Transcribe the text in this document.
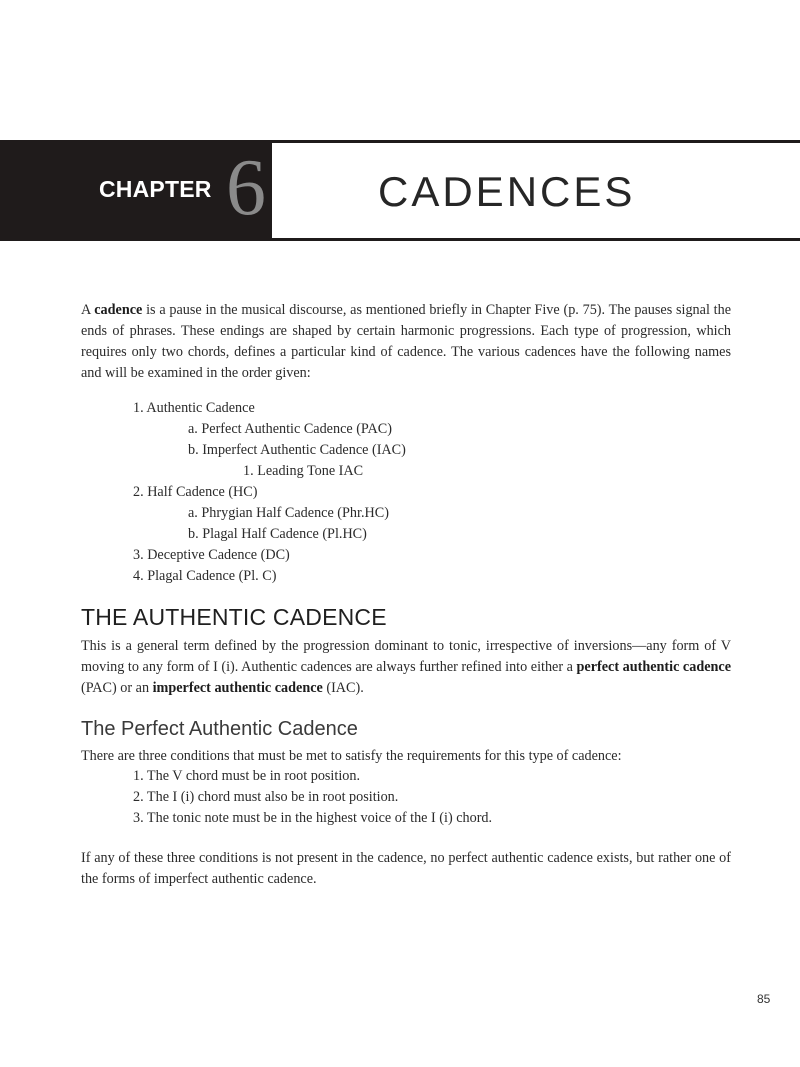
CHAPTER 6	CADENCES

A cadence is a pause in the musical discourse, as mentioned briefly in Chapter Five (p. 75). The pauses signal the ends of phrases. These endings are shaped by certain harmonic progressions. Each type of progression, which requires only two chords, defines a particular kind of cadence. The various cadences have the following names and will be examined in the order given:

1. Authentic Cadence
a. Perfect Authentic Cadence (PAC)
b. Imperfect Authentic Cadence (IAC)
1. Leading Tone IAC
2. Half Cadence (HC)
a. Phrygian Half Cadence (Phr.HC)
b. Plagal Half Cadence (Pl.HC)
3. Deceptive Cadence (DC)
4. Plagal Cadence (Pl. C)
THE AUTHENTIC CADENCE

This is a general term defined by the progression dominant to tonic, irrespective of inversions—any form of V moving to any form of I (i). Authentic cadences are always further refined into either a perfect authentic cadence (PAC) or an imperfect authentic cadence (IAC).

The Perfect Authentic Cadence

There are three conditions that must be met to satisfy the requirements for this type of cadence:

1. The V chord must be in root position.
2. The I (i) chord must also be in root position.
3. The tonic note must be in the highest voice of the I (i) chord.

If any of these three conditions is not present in the cadence, no perfect authentic cadence exists, but rather one of the forms of imperfect authentic cadence.

85
